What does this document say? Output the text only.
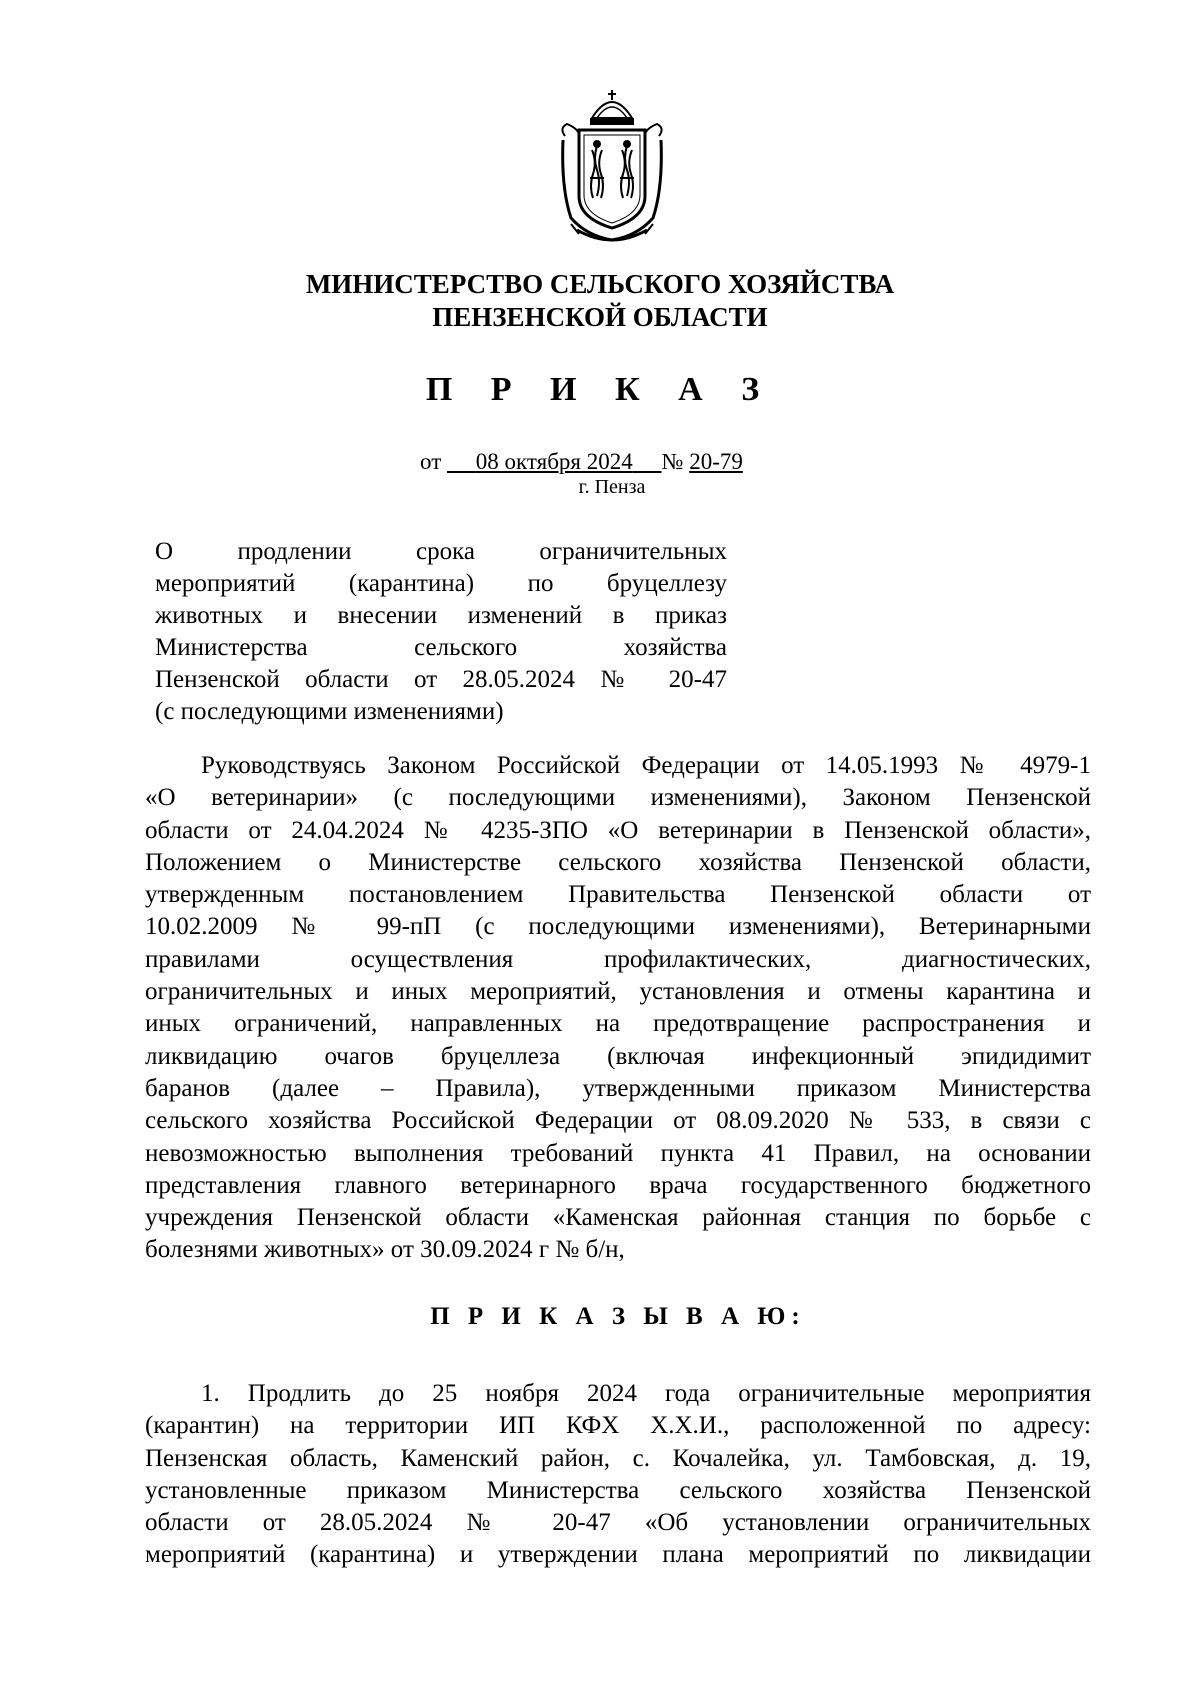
МИНИСТЕРСТВО СЕЛЬСКОГО ХОЗЯЙСТВА
ПЕНЗЕНСКОЙ ОБЛАСТИ
П Р И К А З
от 08 октября 2024 № 20-79
г. Пенза
О продлении срока ограничительных
мероприятий (карантина) по бруцеллезу
животных и внесении изменений в приказ
Министерства сельского хозяйства
Пензенской области от 28.05.2024 № 20-47
(с последующими изменениями)
Руководствуясь Законом Российской Федерации от 14.05.1993 № 4979-1
«О ветеринарии» (с последующими изменениями), Законом Пензенской
области от 24.04.2024 № 4235-ЗПО «О ветеринарии в Пензенской области»,
Положением о Министерстве сельского хозяйства Пензенской области,
утвержденным постановлением Правительства Пензенской области от
10.02.2009 № 99-пП (с последующими изменениями), Ветеринарными
правилами осуществления профилактических, диагностических,
ограничительных и иных мероприятий, установления и отмены карантина и
иных ограничений, направленных на предотвращение распространения и
ликвидацию очагов бруцеллеза (включая инфекционный эпидидимит
баранов (далее – Правила), утвержденными приказом Министерства
сельского хозяйства Российской Федерации от 08.09.2020 № 533, в связи с
невозможностью выполнения требований пункта 41 Правил, на основании
представления главного ветеринарного врача государственного бюджетного
учреждения Пензенской области «Каменская районная станция по борьбе с
болезнями животных» от 30.09.2024 г № б/н,
П Р И К А З Ы В А Ю:
1. Продлить до 25 ноября 2024 года ограничительные мероприятия
(карантин) на территории ИП КФХ Х.Х.И., расположенной по адресу:
Пензенская область, Каменский район, с. Кочалейка, ул. Тамбовская, д. 19,
установленные приказом Министерства сельского хозяйства Пензенской
области от 28.05.2024 № 20-47 «Об установлении ограничительных
мероприятий (карантина) и утверждении плана мероприятий по ликвидации
